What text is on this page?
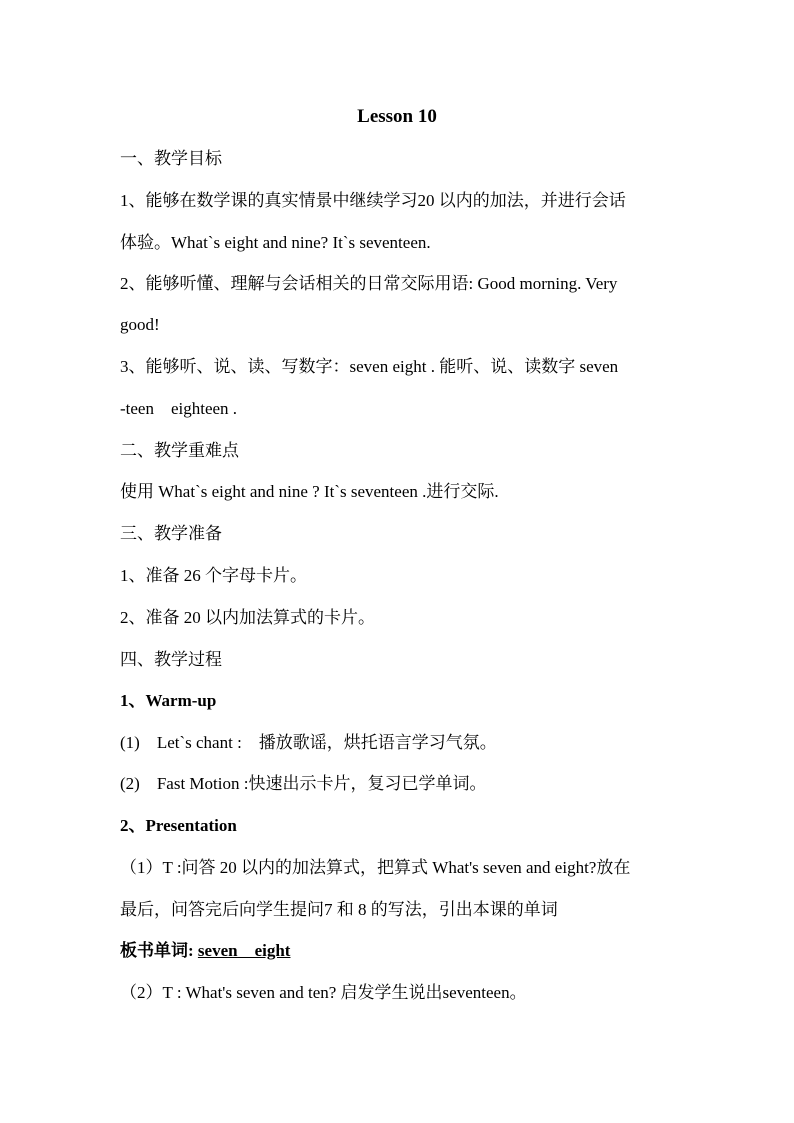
Lesson 10
一、教学目标
1、能够在数学课的真实情景中继续学习20 以内的加法，并进行会话
体验。What`s eight and nine? It`s seventeen.
2、能够听懂、理解与会话相关的日常交际用语: Good morning. Very
good!
3、能够听、说、读、写数字：seven eight . 能听、说、读数字 seven
-teen    eighteen .
二、教学重难点
使用 What`s eight and nine ? It`s seventeen .进行交际.
三、教学准备
1、准备 26 个字母卡片。
2、准备 20 以内加法算式的卡片。
四、教学过程
1、Warm-up
(1)    Let`s chant :    播放歌谣，烘托语言学习气氛。
(2)    Fast Motion :快速出示卡片，复习已学单词。
2、Presentation
（1）T :问答 20 以内的加法算式，把算式 What's seven and eight?放在
最后，问答完后向学生提问7 和 8 的写法，引出本课的单词
板书单词: seven    eight
（2）T : What's seven and ten? 启发学生说出seventeen。
